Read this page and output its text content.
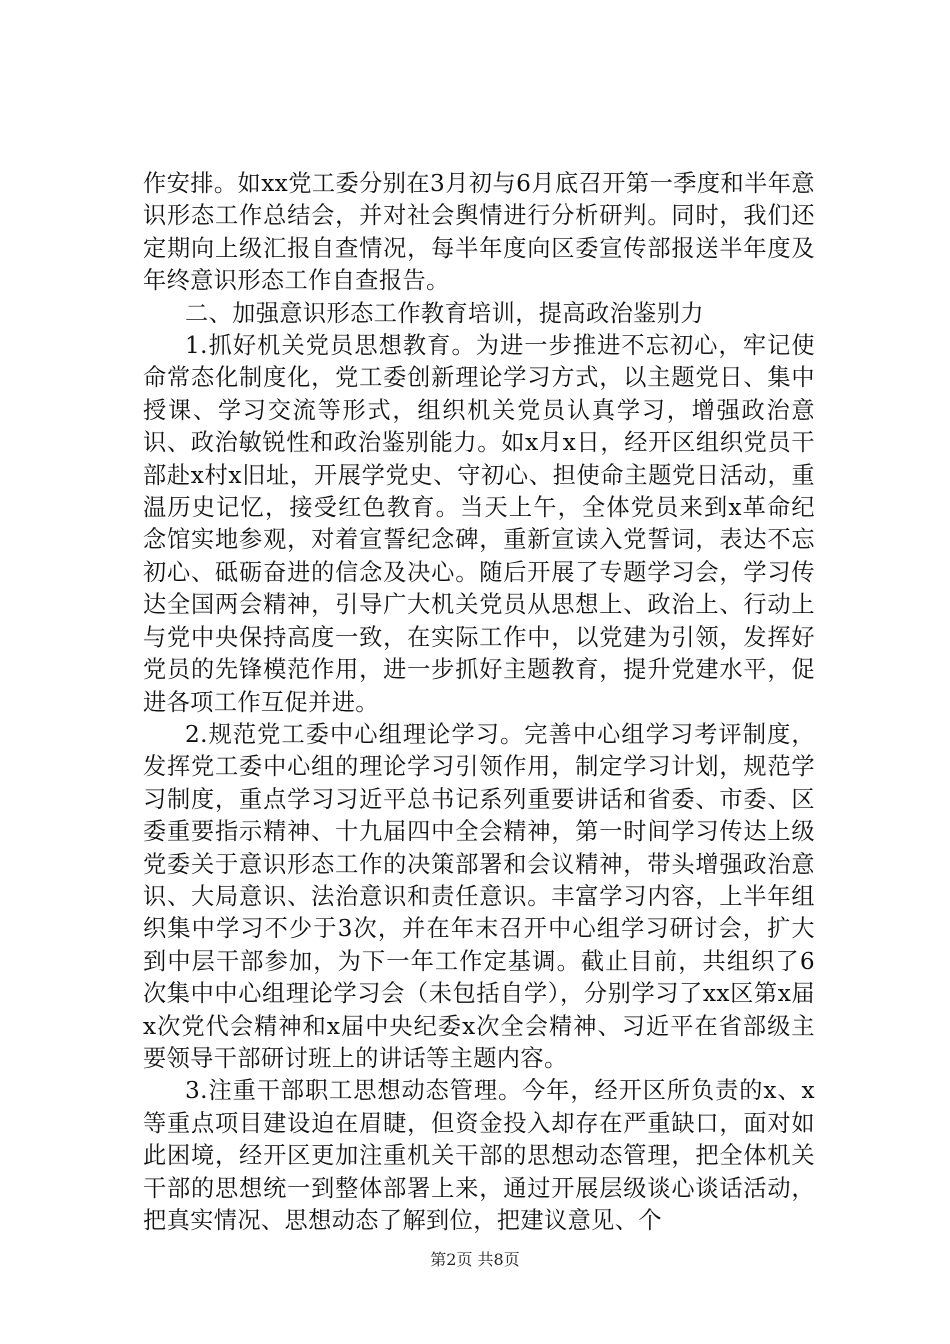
作安排。如xx党工委分别在3月初与6月底召开第一季度和半年意识形态工作总结会，并对社会舆情进行分析研判。同时，我们还定期向上级汇报自查情况，每半年度向区委宣传部报送半年度及年终意识形态工作自查报告。

二、加强意识形态工作教育培训，提高政治鉴别力

1.抓好机关党员思想教育。为进一步推进不忘初心，牢记使命常态化制度化，党工委创新理论学习方式，以主题党日、集中授课、学习交流等形式，组织机关党员认真学习，增强政治意识、政治敏锐性和政治鉴别能力。如x月x日，经开区组织党员干部赴x村x旧址，开展学党史、守初心、担使命主题党日活动，重温历史记忆，接受红色教育。当天上午，全体党员来到x革命纪念馆实地参观，对着宣誓纪念碑，重新宣读入党誓词，表达不忘初心、砥砺奋进的信念及决心。随后开展了专题学习会，学习传达全国两会精神，引导广大机关党员从思想上、政治上、行动上与党中央保持高度一致，在实际工作中，以党建为引领，发挥好党员的先锋模范作用，进一步抓好主题教育，提升党建水平，促进各项工作互促并进。

2.规范党工委中心组理论学习。完善中心组学习考评制度，发挥党工委中心组的理论学习引领作用，制定学习计划，规范学习制度，重点学习习近平总书记系列重要讲话和省委、市委、区委重要指示精神、十九届四中全会精神，第一时间学习传达上级党委关于意识形态工作的决策部署和会议精神，带头增强政治意识、大局意识、法治意识和责任意识。丰富学习内容，上半年组织集中学习不少于3次，并在年末召开中心组学习研讨会，扩大到中层干部参加，为下一年工作定基调。截止目前，共组织了6次集中中心组理论学习会（未包括自学），分别学习了xx区第x届x次党代会精神和x届中央纪委x次全会精神、习近平在省部级主要领导干部研讨班上的讲话等主题内容。

3.注重干部职工思想动态管理。今年，经开区所负责的x、x等重点项目建设迫在眉睫，但资金投入却存在严重缺口，面对如此困境，经开区更加注重机关干部的思想动态管理，把全体机关干部的思想统一到整体部署上来，通过开展层级谈心谈话活动，把真实情况、思想动态了解到位，把建议意见、个

第2页 共8页
